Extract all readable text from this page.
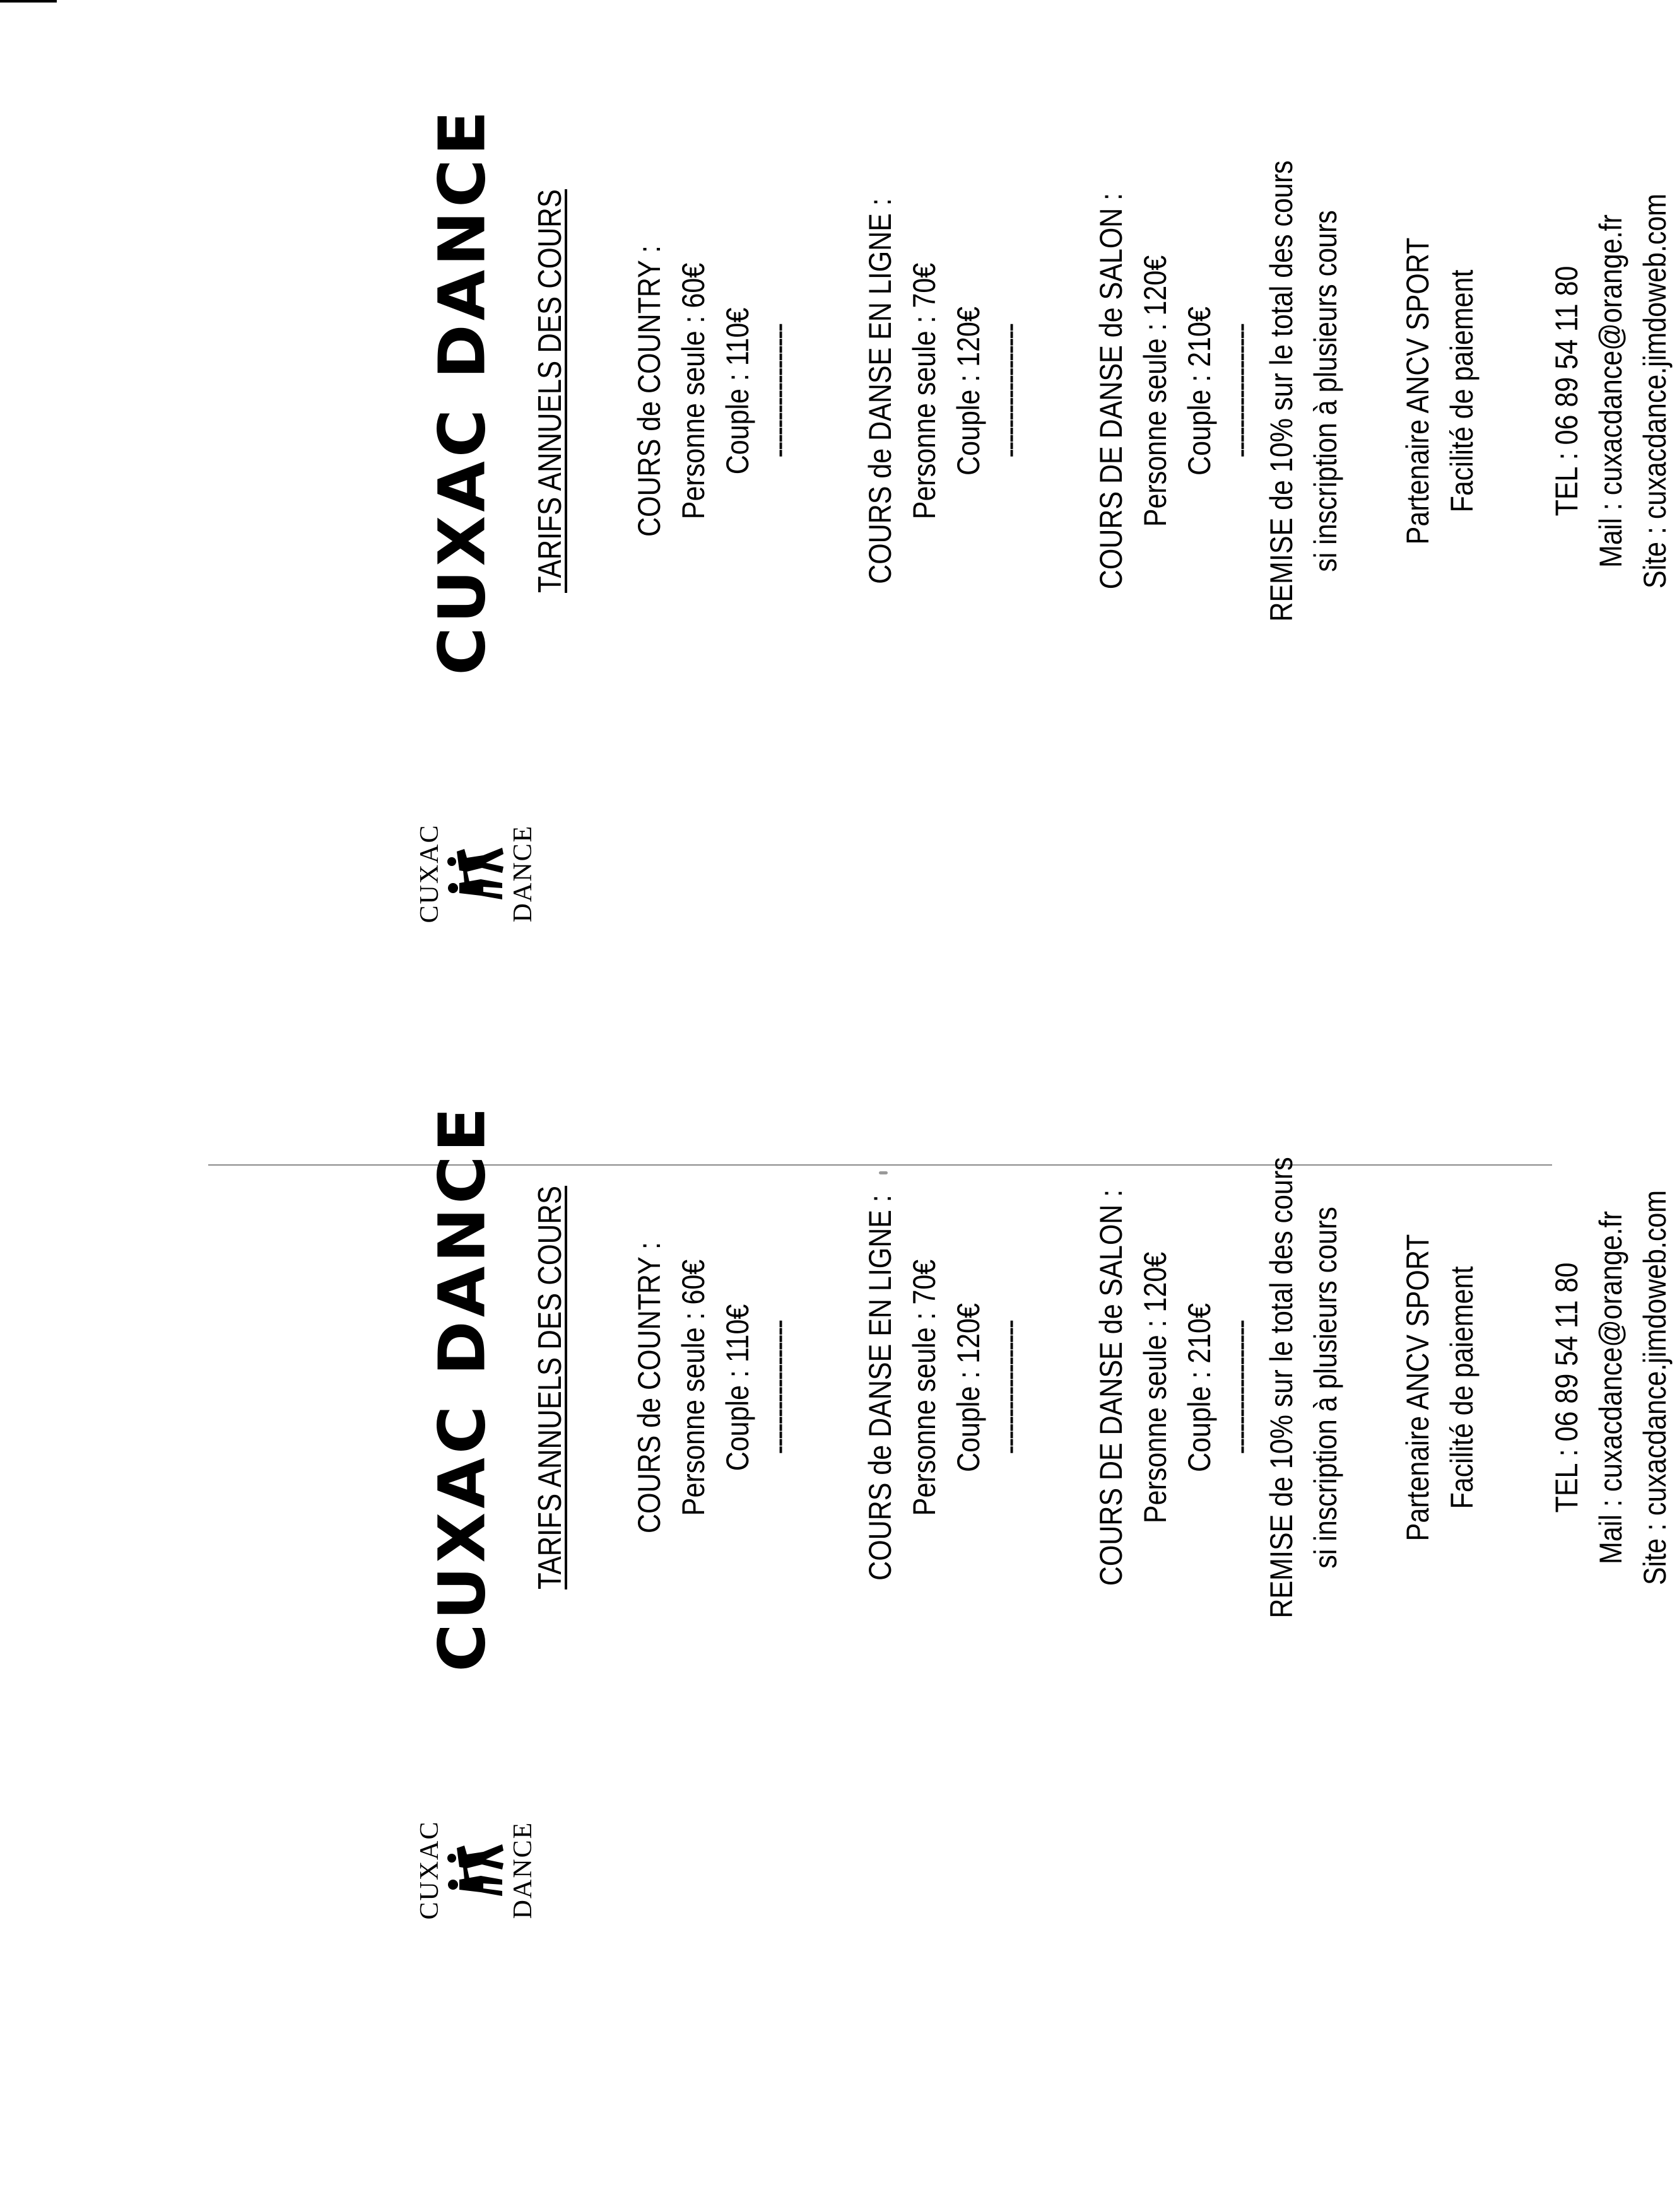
CUXAC DANCE
CUXAC DANCE TARIFS ANNUELS DES COURS COURS de COUNTRY : Personne seule : 60€ Couple : 110€ ------------------ COURS de DANSE EN LIGNE : Personne seule : 70€ Couple : 120€ ------------------ COURS DE DANSE de SALON : Personne seule : 120€ Couple : 210€ ------------------ REMISE de 10% sur le total des cours si inscription à plusieurs cours Partenaire ANCV SPORT Facilité de paiement TEL : 06 89 54 11 80 Mail : cuxacdance@orange.fr Site : cuxacdance.jimdoweb.com
CUXAC DANCE
CUXAC DANCE TARIFS ANNUELS DES COURS COURS de COUNTRY : Personne seule : 60€ Couple : 110€ ------------------ COURS de DANSE EN LIGNE : Personne seule : 70€ Couple : 120€ ------------------ COURS DE DANSE de SALON : Personne seule : 120€ Couple : 210€ ------------------ REMISE de 10% sur le total des cours si inscription à plusieurs cours Partenaire ANCV SPORT Facilité de paiement TEL : 06 89 54 11 80 Mail : cuxacdance@orange.fr Site : cuxacdance.jimdoweb.com
